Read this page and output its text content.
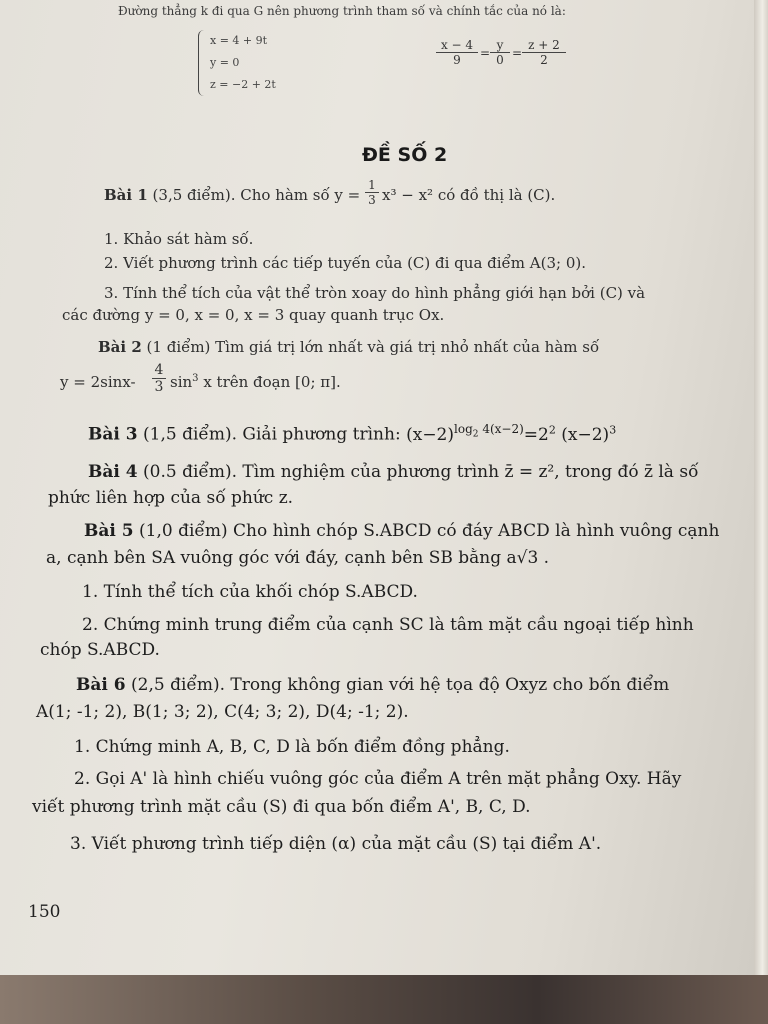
Đường thẳng k đi qua G nên phương trình tham số và chính tắc của nó là:
x = 4 + 9t
y = 0
z = −2 + 2t
$\frac{x - 4}{9} = \frac{y}{0} = \frac{z + 2}{2}$
ĐỀ SỐ 2
Bài 1 (3,5 điểm). Cho hàm số $y = \frac{1}{3} x^3 - x^2$ có đồ thị là (C).
1. Khảo sát hàm số.
2. Viết phương trình các tiếp tuyến của (C) đi qua điểm A(3; 0).
3. Tính thể tích của vật thể tròn xoay do hình phẳng giới hạn bởi (C) và
các đường y = 0, x = 0, x = 3 quay quanh trục Ox.
Bài 2 (1 điểm) Tìm giá trị lớn nhất và giá trị nhỏ nhất của hàm số
$y = 2\sin x- \frac{4}{3} \sin^3 x$ trên đoạn [0; π].
Bài 3 (1,5 điểm). Giải phương trình: $(x-2)^{log_2 4(x-2)}=2^2$ $(x-2)^3$
Bài 4 (0.5 điểm). Tìm nghiệm của phương trình z̄ = z², trong đó z̄ là số
phức liên hợp của số phức z.
Bài 5 (1,0 điểm) Cho hình chóp S.ABCD có đáy ABCD là hình vuông cạnh
a, cạnh bên SA vuông góc với đáy, cạnh bên SB bằng a√3 .
1. Tính thể tích của khối chóp S.ABCD.
2. Chứng minh trung điểm của cạnh SC là tâm mặt cầu ngoại tiếp hình
chóp S.ABCD.
Bài 6 (2,5 điểm). Trong không gian với hệ tọa độ Oxyz cho bốn điểm
A(1; -1; 2), B(1; 3; 2), C(4; 3; 2), D(4; -1; 2).
1. Chứng minh A, B, C, D là bốn điểm đồng phẳng.
2. Gọi A' là hình chiếu vuông góc của điểm A trên mặt phẳng Oxy. Hãy
viết phương trình mặt cầu (S) đi qua bốn điểm A', B, C, D.
3. Viết phương trình tiếp diện (α) của mặt cầu (S) tại điểm A'.
150
